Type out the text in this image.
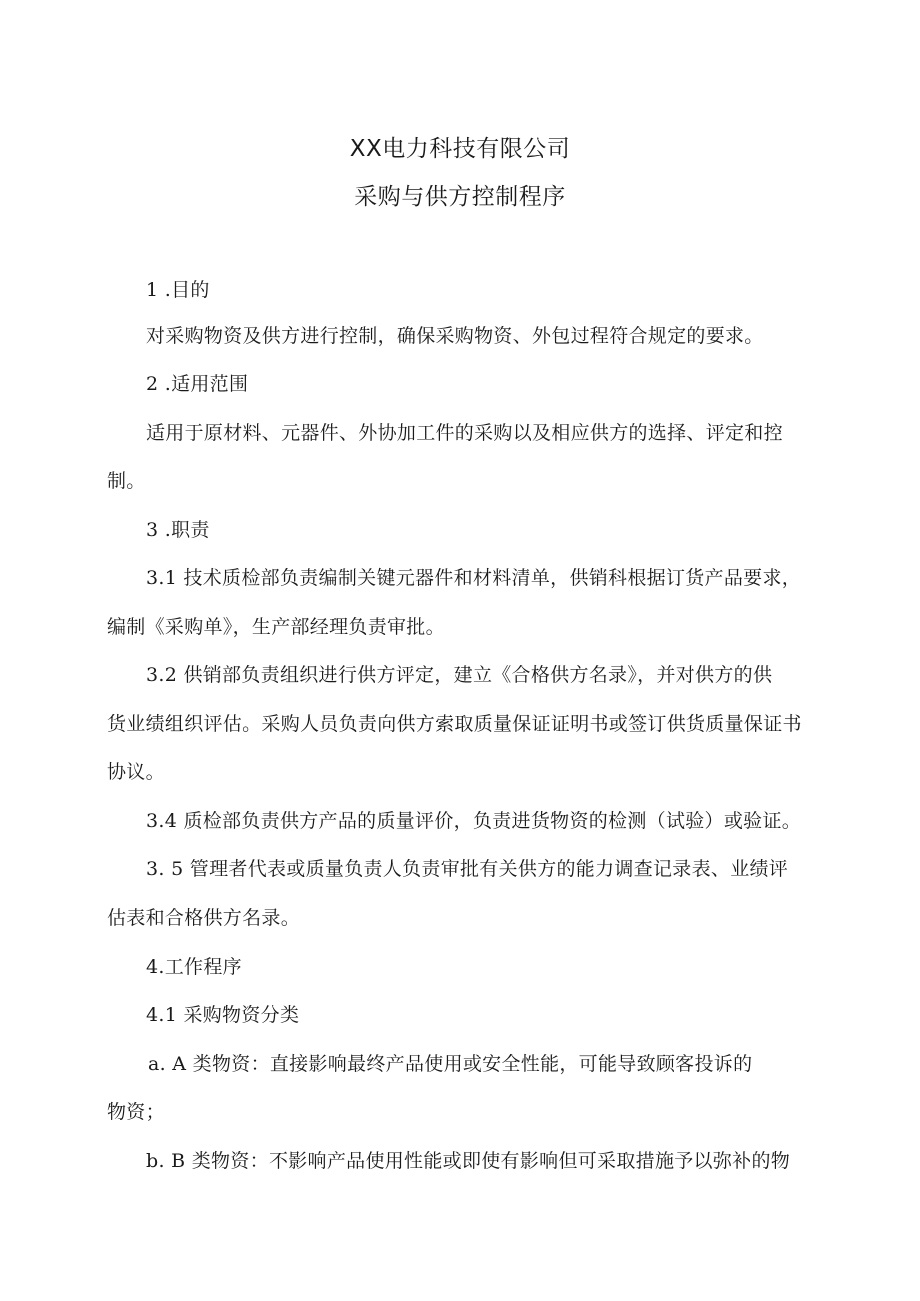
XX电力科技有限公司
采购与供方控制程序
1 .目的
对采购物资及供方进行控制，确保采购物资、外包过程符合规定的要求。
2 .适用范围
适用于原材料、元器件、外协加工件的采购以及相应供方的选择、评定和控
制。
3 .职责
3.1 技术质检部负责编制关键元器件和材料清单，供销科根据订货产品要求，
编制《采购单》，生产部经理负责审批。
3.2 供销部负责组织进行供方评定，建立《合格供方名录》，并对供方的供
货业绩组织评估。采购人员负责向供方索取质量保证证明书或签订供货质量保证书
协议。
3.4 质检部负责供方产品的质量评价，负责进货物资的检测（试验）或验证。
3. 5 管理者代表或质量负责人负责审批有关供方的能力调查记录表、业绩评
估表和合格供方名录。
4.工作程序
4.1 采购物资分类
a. A 类物资：直接影响最终产品使用或安全性能，可能导致顾客投诉的
物资；
b. B 类物资：不影响产品使用性能或即使有影响但可采取措施予以弥补的物
